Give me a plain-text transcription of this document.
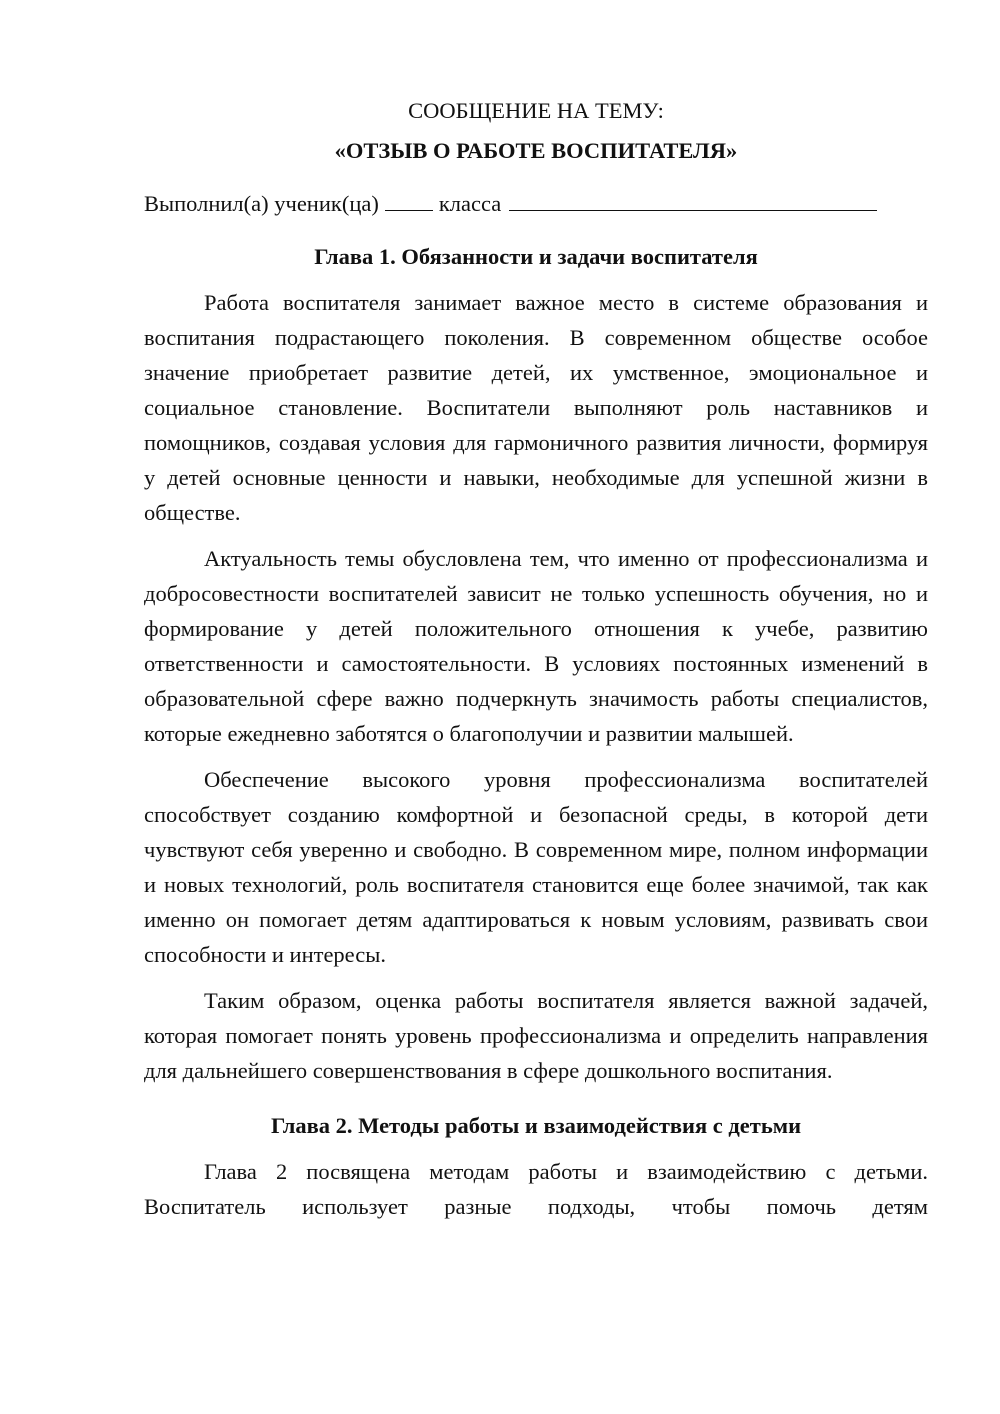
СООБЩЕНИЕ НА ТЕМУ:

«ОТЗЫВ О РАБОТЕ ВОСПИТАТЕЛЯ»

Выполнил(а) ученик(ца)	класса

Глава 1. Обязанности и задачи воспитателя

Работа воспитателя занимает важное место в системе образования и воспитания подрастающего поколения. В современном обществе особое значение приобретает развитие детей, их умственное, эмоциональное и социальное становление. Воспитатели выполняют роль наставников и помощников, создавая условия для гармоничного развития личности, формируя у детей основные ценности и навыки, необходимые для успешной жизни в обществе.

Актуальность темы обусловлена тем, что именно от профессионализма и добросовестности воспитателей зависит не только успешность обучения, но и формирование у детей положительного отношения к учебе, развитию ответственности и самостоятельности. В условиях постоянных изменений в образовательной сфере важно подчеркнуть значимость работы специалистов, которые ежедневно заботятся о благополучии и развитии малышей.

Обеспечение высокого уровня профессионализма воспитателей способствует созданию комфортной и безопасной среды, в которой дети чувствуют себя уверенно и свободно. В современном мире, полном информации и новых технологий, роль воспитателя становится еще более значимой, так как именно он помогает детям адаптироваться к новым условиям, развивать свои способности и интересы.

Таким образом, оценка работы воспитателя является важной задачей, которая помогает понять уровень профессионализма и определить направления для дальнейшего совершенствования в сфере дошкольного воспитания.

Глава 2. Методы работы и взаимодействия с детьми

Глава 2 посвящена методам работы и взаимодействию с детьми. Воспитатель использует разные подходы, чтобы помочь детям
